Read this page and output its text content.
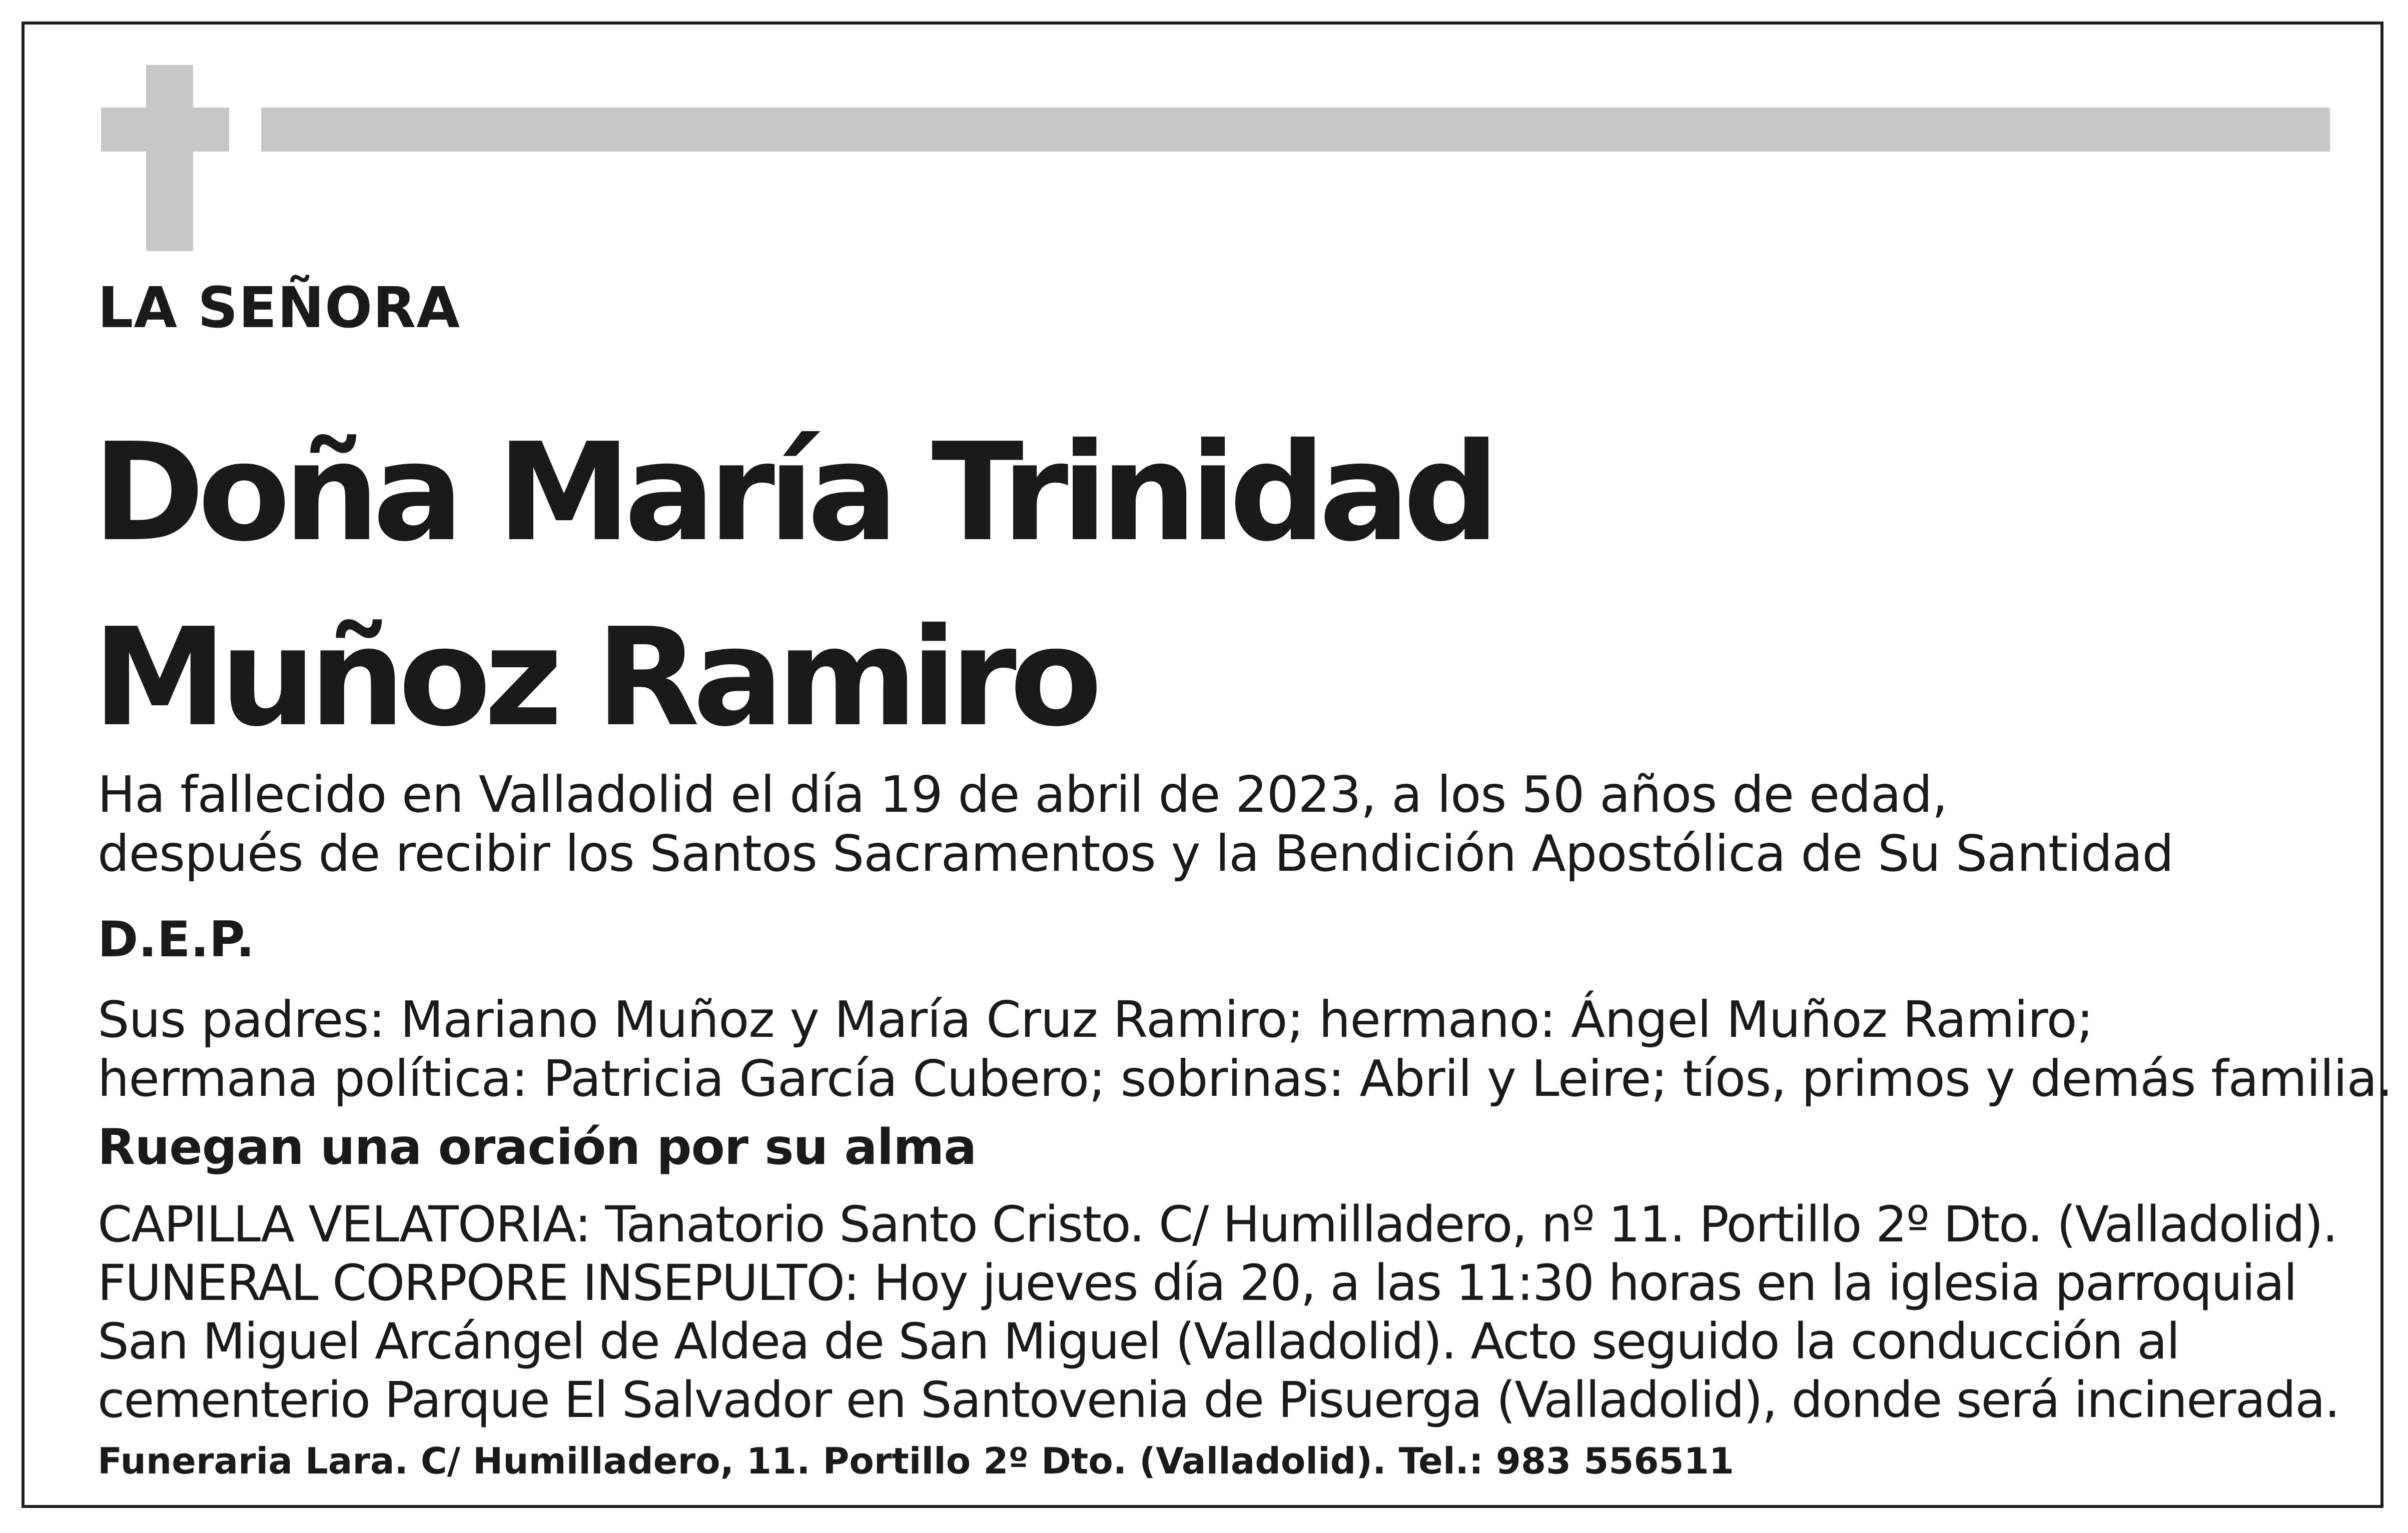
LA SEÑORA
Doña María Trinidad
Muñoz Ramiro
Ha fallecido en Valladolid el día 19 de abril de 2023, a los 50 años de edad,
después de recibir los Santos Sacramentos y la Bendición Apostólica de Su Santidad
D.E.P.
Sus padres: Mariano Muñoz y María Cruz Ramiro; hermano: Ángel Muñoz Ramiro;
hermana política: Patricia García Cubero; sobrinas: Abril y Leire; tíos, primos y demás familia.
Ruegan una oración por su alma
CAPILLA VELATORIA: Tanatorio Santo Cristo. C/ Humilladero, nº 11. Portillo 2º Dto. (Valladolid).
FUNERAL CORPORE INSEPULTO: Hoy jueves día 20, a las 11:30 horas en la iglesia parroquial
San Miguel Arcángel de Aldea de San Miguel (Valladolid). Acto seguido la conducción al
cementerio Parque El Salvador en Santovenia de Pisuerga (Valladolid), donde será incinerada.
Funeraria Lara. C/ Humilladero, 11. Portillo 2º Dto. (Valladolid). Tel.: 983 556511
